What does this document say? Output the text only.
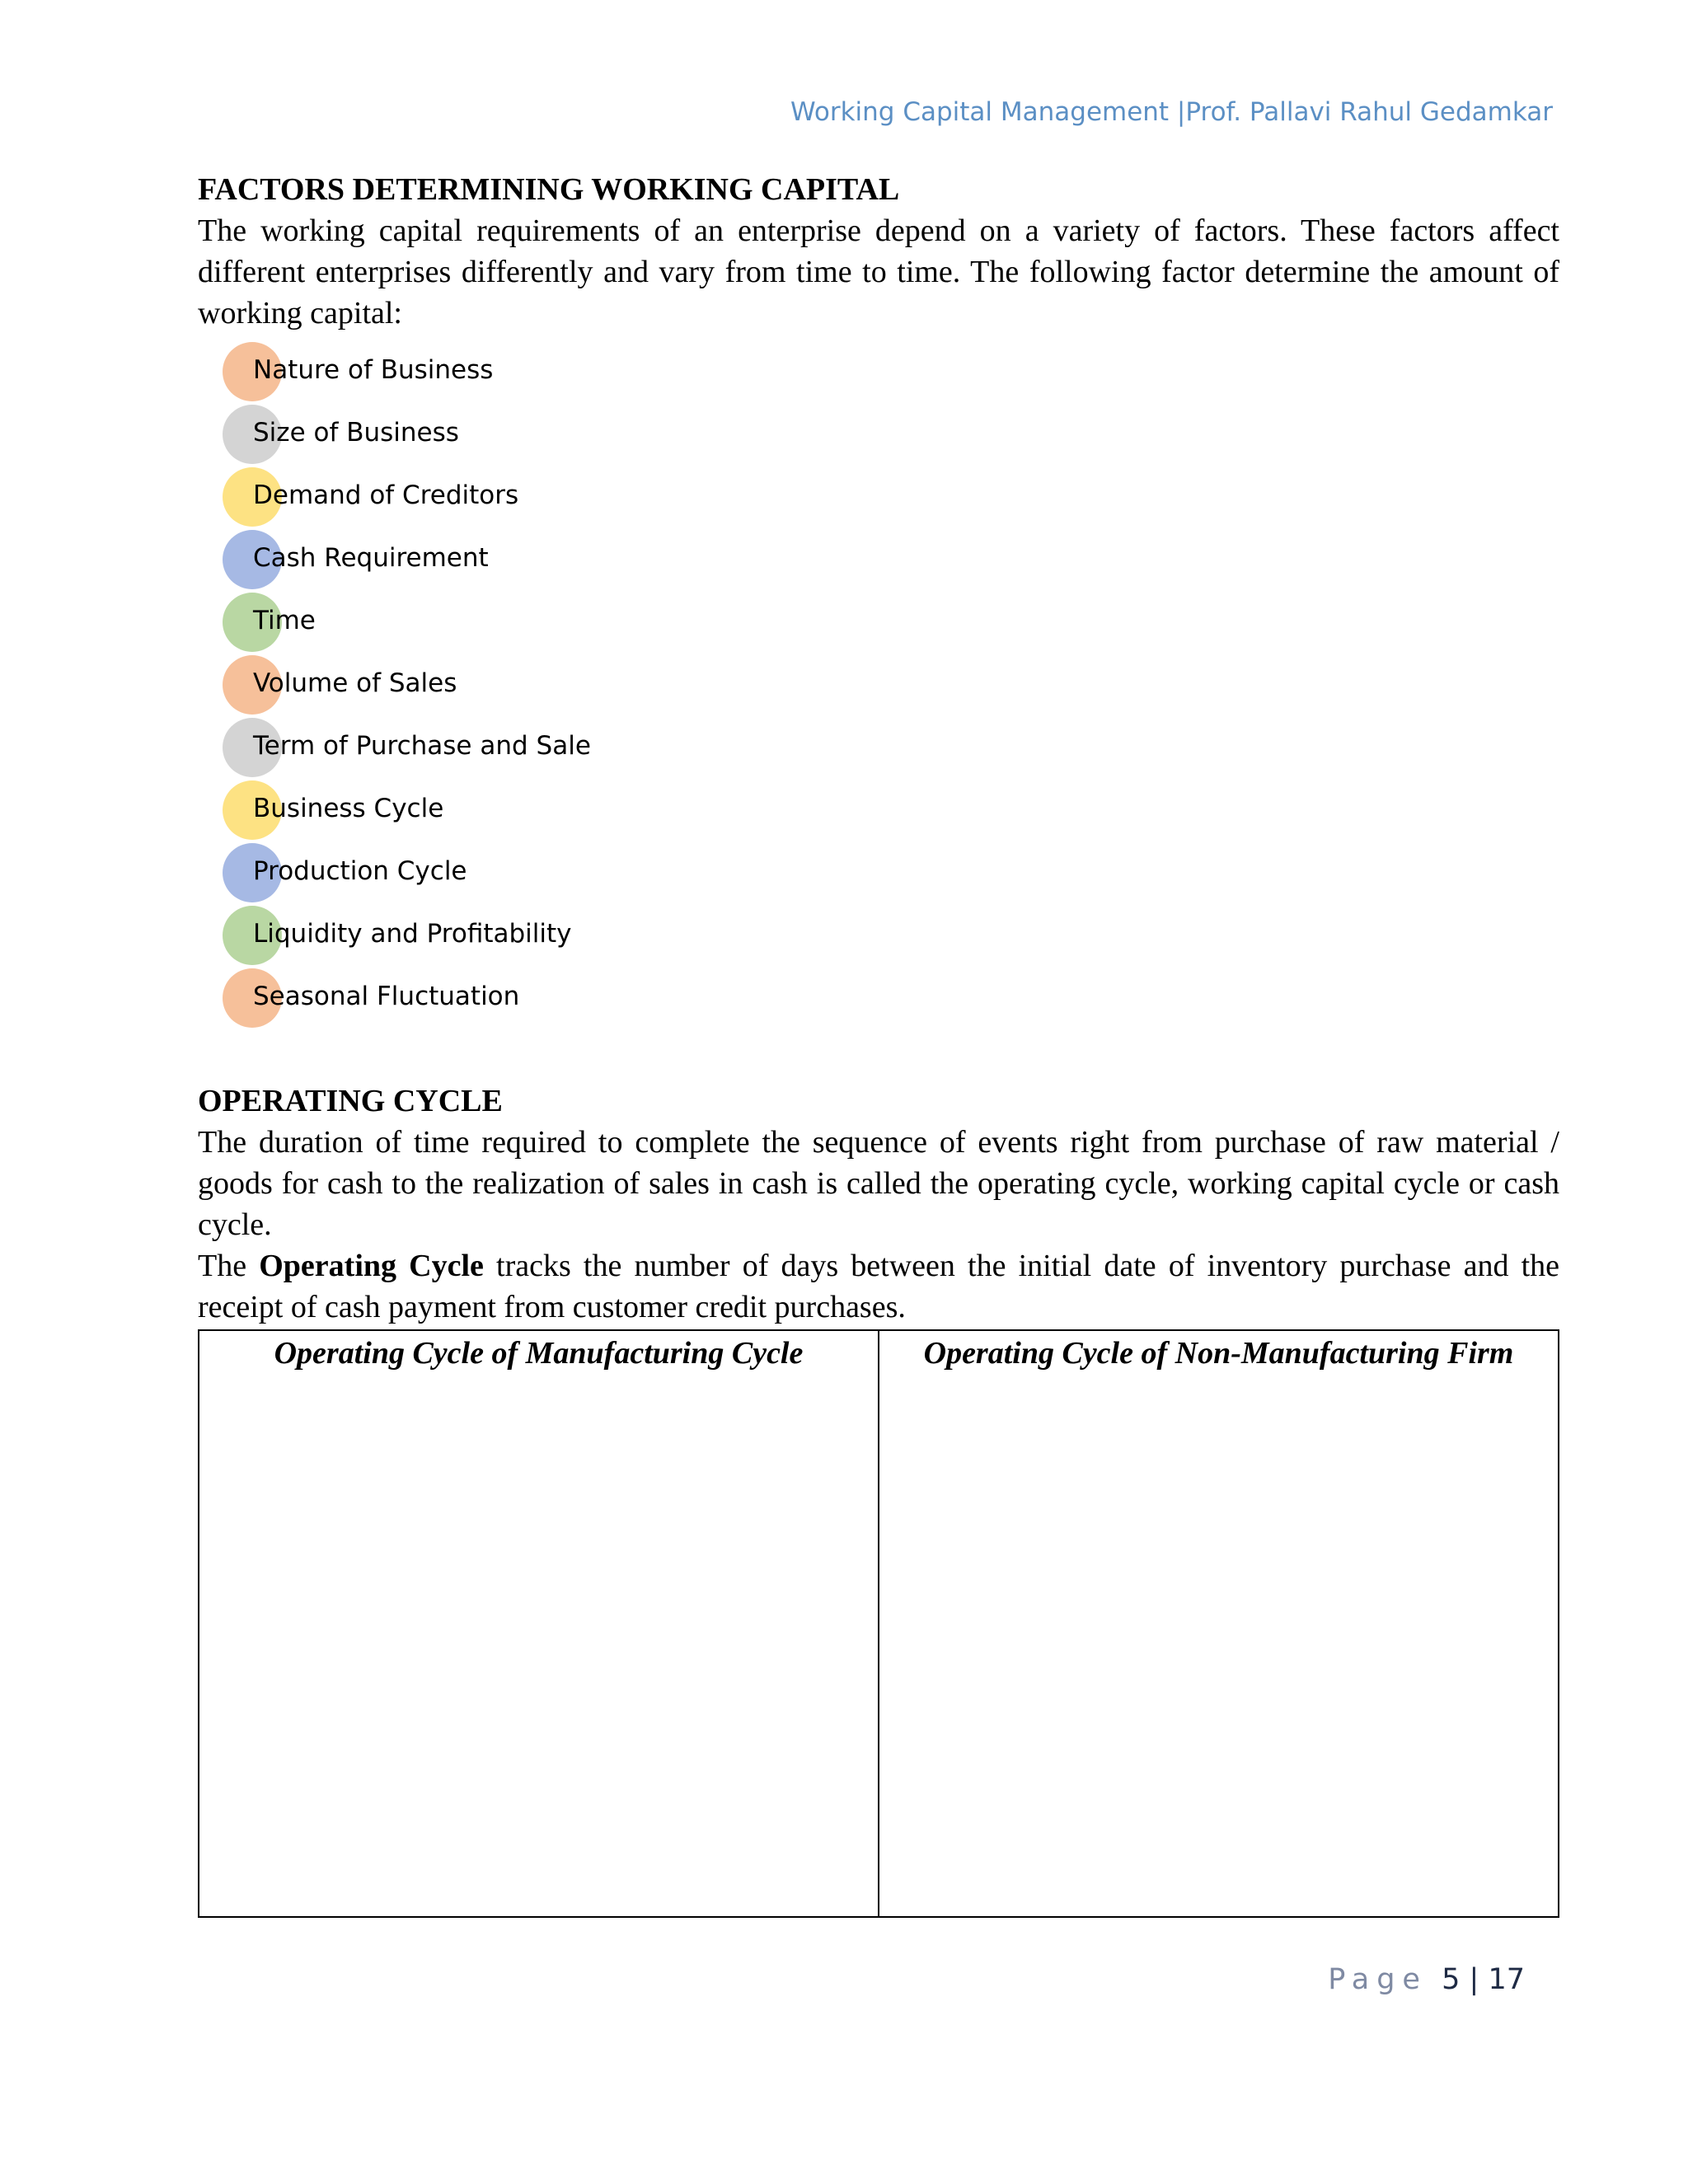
Working Capital Management |Prof. Pallavi Rahul Gedamkar
FACTORS DETERMINING WORKING CAPITAL

The working capital requirements of an enterprise depend on a variety of factors. These factors affect different enterprises differently and vary from time to time. The following factor determine the amount of working capital:

Nature of Business
Size of Business
Demand of Creditors
Cash Requirement
Time
Volume of Sales
Term of Purchase and Sale
Business Cycle
Production Cycle
Liquidity and Profitability
Seasonal Fluctuation
OPERATING CYCLE

The duration of time required to complete the sequence of events right from purchase of raw material / goods for cash to the realization of sales in cash is called the operating cycle, working capital cycle or cash cycle.

The Operating Cycle tracks the number of days between the initial date of inventory purchase and the receipt of cash payment from customer credit purchases.

Operating Cycle of Manufacturing Cycle	Operating Cycle of Non-Manufacturing Firm
Page 5 | 17
